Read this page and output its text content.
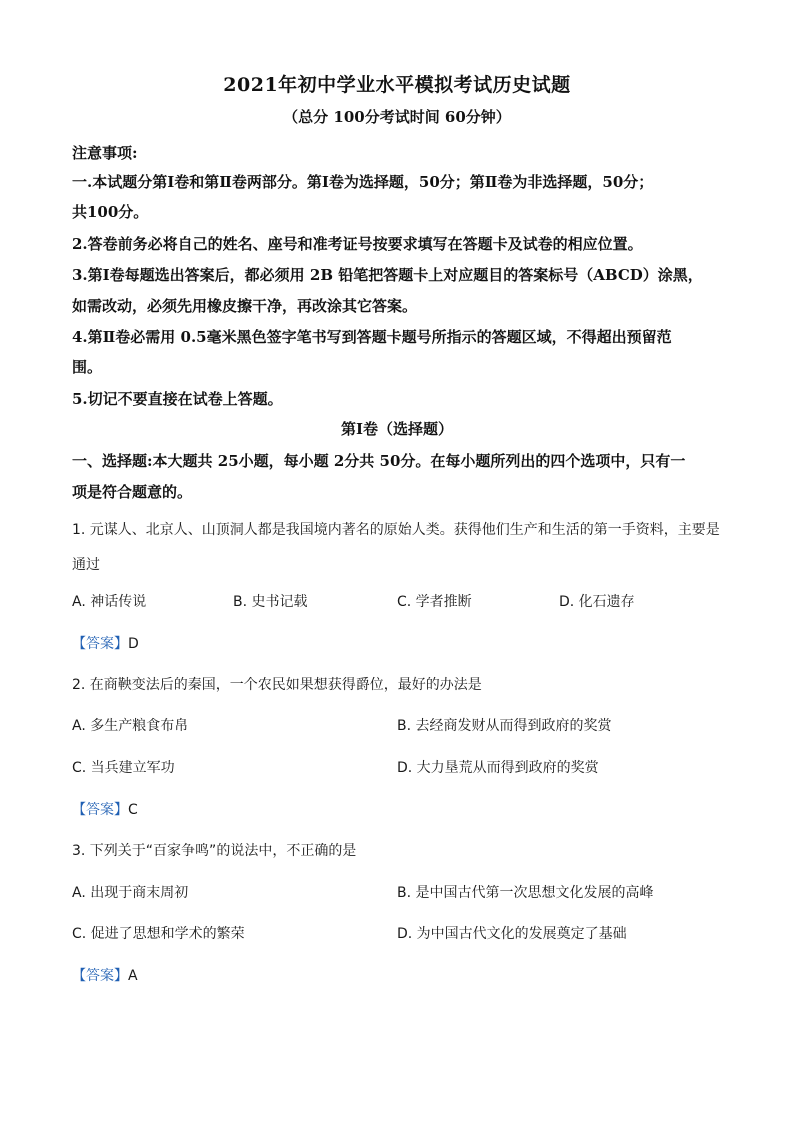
2021年初中学业水平模拟考试历史试题
（总分 100分考试时间 60分钟）
注意事项:
一.本试题分第Ⅰ卷和第Ⅱ卷两部分。第Ⅰ卷为选择题，50分；第Ⅱ卷为非选择题，50分；
共100分。
2.答卷前务必将自己的姓名、座号和准考证号按要求填写在答题卡及试卷的相应位置。
3.第Ⅰ卷每题选出答案后，都必须用 2B 铅笔把答题卡上对应题目的答案标号（ABCD）涂黑，
如需改动，必须先用橡皮擦干净，再改涂其它答案。
4.第Ⅱ卷必需用 0.5毫米黑色签字笔书写到答题卡题号所指示的答题区域，不得超出预留范
围。
5.切记不要直接在试卷上答题。
第Ⅰ卷（选择题）
一、选择题:本大题共 25小题，每小题 2分共 50分。在每小题所列出的四个选项中，只有一
项是符合题意的。
1. 元谋人、北京人、山顶洞人都是我国境内著名的原始人类。获得他们生产和生活的第一手资料，主要是
通过
A. 神话传说	B. 史书记载	C. 学者推断	D. 化石遗存
【答案】D
2. 在商鞅变法后的秦国，一个农民如果想获得爵位，最好的办法是
A. 多生产粮食布帛	B. 去经商发财从而得到政府的奖赏
C. 当兵建立军功	D. 大力垦荒从而得到政府的奖赏
【答案】C
3. 下列关于“百家争鸣”的说法中，不正确的是
A. 出现于商末周初	B. 是中国古代第一次思想文化发展的高峰
C. 促进了思想和学术的繁荣	D. 为中国古代文化的发展奠定了基础
【答案】A
